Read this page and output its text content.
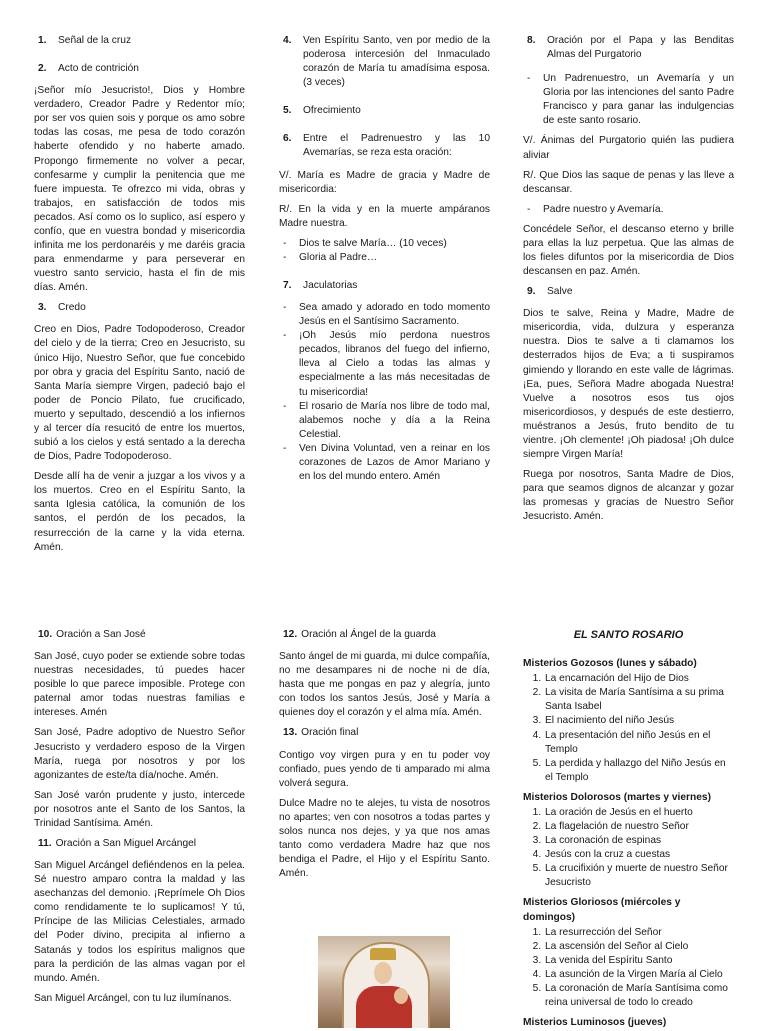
1.	Señal de la cruz
2.	Acto de contrición

¡Señor mío Jesucristo!, Dios y Hombre verdadero, Creador Padre y Redentor mío; por ser vos quien sois y porque os amo sobre todas las cosas, me pesa de todo corazón haberte ofendido y no haberte amado. Propongo firmemente no volver a pecar, confesarme y cumplir la penitencia que me fuere impuesta. Te ofrezco mi vida, obras y trabajos, en satisfacción de todos mis pecados. Así como os lo suplico, así espero y confío, que en vuestra bondad y misericordia infinita me los perdonaréis y me daréis gracia para enmendarme y para perseverar en vuestro santo servicio, hasta el fin de mis días. Amén.

3.	Credo

Creo en Dios, Padre Todopoderoso, Creador del cielo y de la tierra; Creo en Jesucristo, su único Hijo, Nuestro Señor, que fue concebido por obra y gracia del Espíritu Santo, nació de Santa María siempre Virgen, padeció bajo el poder de Poncio Pilato, fue crucificado, muerto y sepultado, descendió a los infiernos y al tercer día resucitó de entre los muertos, subió a los cielos y está sentado a la derecha de Dios, Padre Todopoderoso.

Desde allí ha de venir a juzgar a los vivos y a los muertos. Creo en el Espíritu Santo, la santa Iglesia católica, la comunión de los santos, el perdón de los pecados, la resurrección de la carne y la vida eterna. Amén.

4.	Ven Espíritu Santo, ven por medio de la poderosa intercesión del Inmaculado corazón de María tu amadísima esposa. (3 veces)
5.	Ofrecimiento
6.	Entre el Padrenuestro y las 10 Avemarías, se reza esta oración:

V/. María es Madre de gracia y Madre de misericordia:

R/. En la vida y en la muerte ampáranos Madre nuestra.

- Dios te salve María… (10 veces)
- Gloria al Padre…
7.	Jaculatorias
- Sea amado y adorado en todo momento Jesús en el Santísimo Sacramento.
- ¡Oh Jesús mío perdona nuestros pecados, libranos del fuego del infierno, lleva al Cielo a todas las almas y especialmente a las más necesitadas de tu misericordia!
- El rosario de María nos libre de todo mal, alabemos noche y día a la Reina Celestial.
- Ven Divina Voluntad, ven a reinar en los corazones de Lazos de Amor Mariano y en los del mundo entero. Amén
8.	Oración por el Papa y las Benditas Almas del Purgatorio
- Un Padrenuestro, un Avemaría y un Gloria por las intenciones del santo Padre Francisco y para ganar las indulgencias de este santo rosario.

V/. Ánimas del Purgatorio quién las pudiera aliviar

R/. Que Dios las saque de penas y las lleve a descansar.

- Padre nuestro y Avemaría.

Concédele Señor, el descanso eterno y brille para ellas la luz perpetua. Que las almas de los fieles difuntos por la misericordia de Dios descansen en paz. Amén.

9.	Salve

Dios te salve, Reina y Madre, Madre de misericordia, vida, dulzura y esperanza nuestra. Dios te salve a ti clamamos los desterrados hijos de Eva; a ti suspiramos gimiendo y llorando en este valle de lágrimas. ¡Ea, pues, Señora Madre abogada Nuestra! Vuelve a nosotros esos tus ojos misericordiosos, y después de este destierro, muéstranos a Jesús, fruto bendito de tu vientre. ¡Oh clemente! ¡Oh piadosa! ¡Oh dulce siempre Virgen María!

Ruega por nosotros, Santa Madre de Dios, para que seamos dignos de alcanzar y gozar las promesas y gracias de Nuestro Señor Jesucristo. Amén.

10. Oración a San José

San José, cuyo poder se extiende sobre todas nuestras necesidades, tú puedes hacer posible lo que parece imposible. Protege con paternal amor todas nuestras familias e intereses. Amén

San José, Padre adoptivo de Nuestro Señor Jesucristo y verdadero esposo de la Virgen María, ruega por nosotros y por los agonizantes de este/ta día/noche. Amén.

San José varón prudente y justo, intercede por nosotros ante el Santo de los Santos, la Trinidad Santísima. Amén.

11. Oración a San Miguel Arcángel

San Miguel Arcángel defiéndenos en la pelea. Sé nuestro amparo contra la maldad y las asechanzas del demonio. ¡Reprímele Oh Dios como rendidamente te lo suplicamos! Y tú, Príncipe de las Milicias Celestiales, armado del Poder divino, precipita al infierno a Satanás y todos los espíritus malignos que para la perdición de las almas vagan por el mundo. Amén.

San Miguel Arcángel, con tu luz ilumínanos.

12. Oración al Ángel de la guarda

Santo ángel de mi guarda, mi dulce compañía, no me desampares ni de noche ni de día, hasta que me pongas en paz y alegría, junto con todos los santos Jesús, José y María a quienes doy el corazón y el alma mía. Amén.

13. Oración final

Contigo voy virgen pura y en tu poder voy confiado, pues yendo de ti amparado mi alma volverá segura.

Dulce Madre no te alejes, tu vista de nosotros no apartes; ven con nosotros a todas partes y solos nunca nos dejes, y ya que nos amas tanto como verdadera Madre haz que nos bendiga el Padre, el Hijo y el Espíritu Santo. Amén.

EL SANTO ROSARIO
Misterios Gozosos (lunes y sábado)
1. La encarnación del Hijo de Dios
2. La visita de María Santísima a su prima Santa Isabel
3. El nacimiento del niño Jesús
4. La presentación del niño Jesús en el Templo
5. La perdida y hallazgo del Niño Jesús en el Templo
Misterios Dolorosos (martes y viernes)
1. La oración de Jesús en el huerto
2. La flagelación de nuestro Señor
3. La coronación de espinas
4. Jesús con la cruz a cuestas
5. La crucifixión y muerte de nuestro Señor Jesucristo
Misterios Gloriosos (miércoles y domingos)
1. La resurrección del Señor
2. La ascensión del Señor al Cielo
3. La venida del Espíritu Santo
4. La asunción de la Virgen María al Cielo
5. La coronación de María Santísima como reina universal de todo lo creado
Misterios Luminosos (jueves)
